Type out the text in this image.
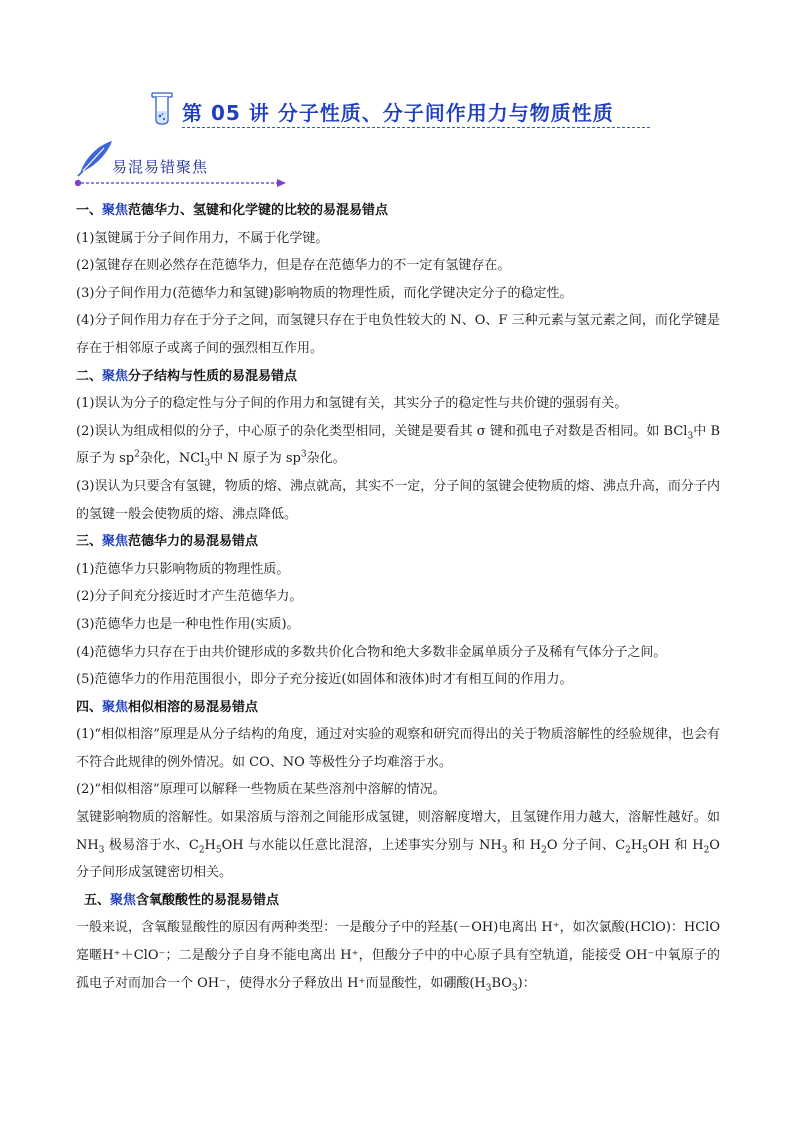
第 05 讲 分子性质、分子间作用力与物质性质
易混易错聚焦

一、聚焦范德华力、氢键和化学键的比较的易混易错点

(1)氢键属于分子间作用力，不属于化学键。

(2)氢键存在则必然存在范德华力，但是存在范德华力的不一定有氢键存在。

(3)分子间作用力(范德华力和氢键)影响物质的物理性质，而化学键决定分子的稳定性。

(4)分子间作用力存在于分子之间，而氢键只存在于电负性较大的 N、O、F 三种元素与氢元素之间，而化学键是存在于相邻原子或离子间的强烈相互作用。

二、聚焦分子结构与性质的易混易错点

(1)误认为分子的稳定性与分子间的作用力和氢键有关，其实分子的稳定性与共价键的强弱有关。

(2)误认为组成相似的分子，中心原子的杂化类型相同，关键是要看其 σ 键和孤电子对数是否相同。如 BCl$_3$中 B 原子为 $sp^2$杂化，NCl$_3$中 N 原子为 $sp^3$杂化。

(3)误认为只要含有氢键，物质的熔、沸点就高，其实不一定，分子间的氢键会使物质的熔、沸点升高，而分子内的氢键一般会使物质的熔、沸点降低。

三、聚焦范德华力的易混易错点

(1)范德华力只影响物质的物理性质。

(2)分子间充分接近时才产生范德华力。

(3)范德华力也是一种电性作用(实质)。

(4)范德华力只存在于由共价键形成的多数共价化合物和绝大多数非金属单质分子及稀有气体分子之间。

(5)范德华力的作用范围很小，即分子充分接近(如固体和液体)时才有相互间的作用力。

四、聚焦相似相溶的易混易错点

(1)“相似相溶”原理是从分子结构的角度，通过对实验的观察和研究而得出的关于物质溶解性的经验规律，也会有不符合此规律的例外情况。如 CO、NO 等极性分子均难溶于水。

(2)“相似相溶”原理可以解释一些物质在某些溶剂中溶解的情况。

氢键影响物质的溶解性。如果溶质与溶剂之间能形成氢键，则溶解度增大，且氢键作用力越大，溶解性越好。如 $NH_3$ 极易溶于水、$C_2H_5OH$ 与水能以任意比混溶，上述事实分别与 $NH_3$ 和 $H_2O$ 分子间、$C_2H_5OH$ 和 $H_2O$ 分子间形成氢键密切相关。

五、聚焦含氧酸酸性的易混易错点

一般来说，含氧酸显酸性的原因有两种类型：一是酸分子中的羟基(－OH)电离出 H⁺，如次氯酸(HClO)：HClO 寔暱H⁺＋ClO⁻；二是酸分子自身不能电离出 H⁺，但酸分子中的中心原子具有空轨道，能接受 OH⁻中氧原子的孤电子对而加合一个 OH⁻，使得水分子释放出 H⁺而显酸性，如硼酸$(H_3BO_3)$：
